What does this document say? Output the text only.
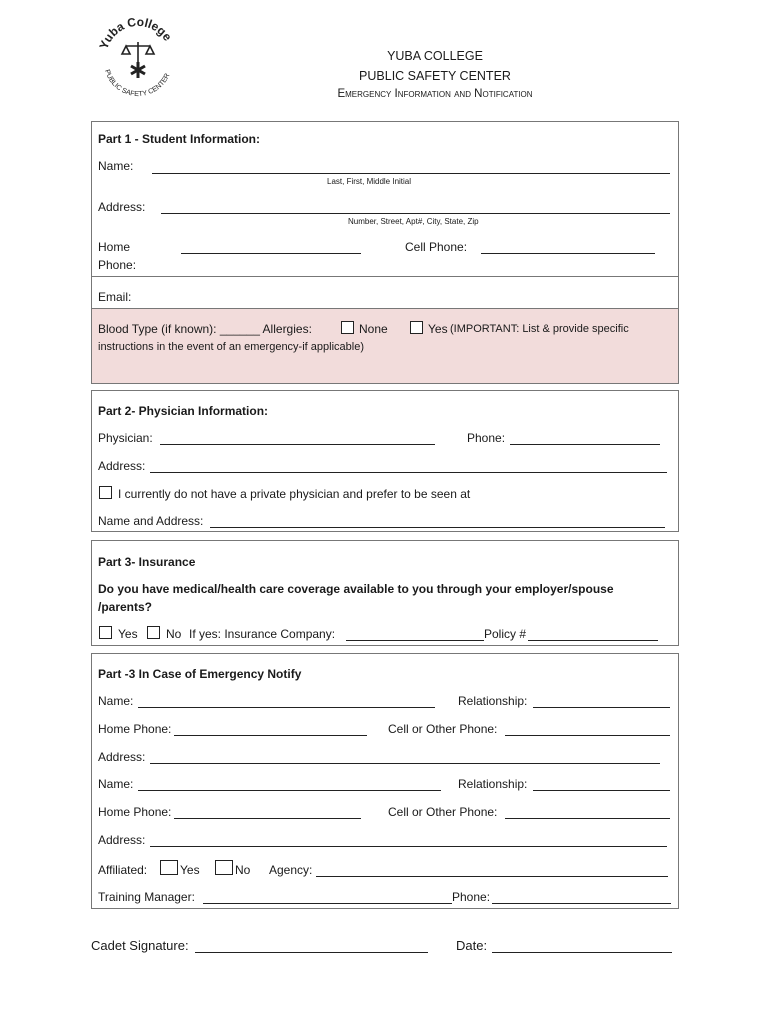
Yuba College
PUBLIC SAFETY CENTER
YUBA COLLEGE
PUBLIC SAFETY CENTER
Emergency Information and Notification
Part 1 - Student Information:
Name:
Last, First, Middle Initial
Address:
Number, Street, Apt#, City, State, Zip
Home
Phone:
Cell Phone:
Email:
Blood Type (if known): ______ Allergies:	None	Yes (IMPORTANT: List & provide specific
instructions in the event of an emergency-if applicable)
Part 2- Physician Information:
Physician:	Phone:
Address:
I currently do not have a private physician and prefer to be seen at
Name and Address:
Part 3- Insurance
Do you have medical/health care coverage available to you through your employer/spouse
/parents?
Yes No If yes: Insurance Company:	Policy #
Part -3 In Case of Emergency Notify
Name:	Relationship:
Home Phone:	Cell or Other Phone:
Address:
Name:	Relationship:
Home Phone:	Cell or Other Phone:
Address:
Affiliated:	Yes	No Agency:
Training Manager:	Phone:
Cadet Signature:	Date:
